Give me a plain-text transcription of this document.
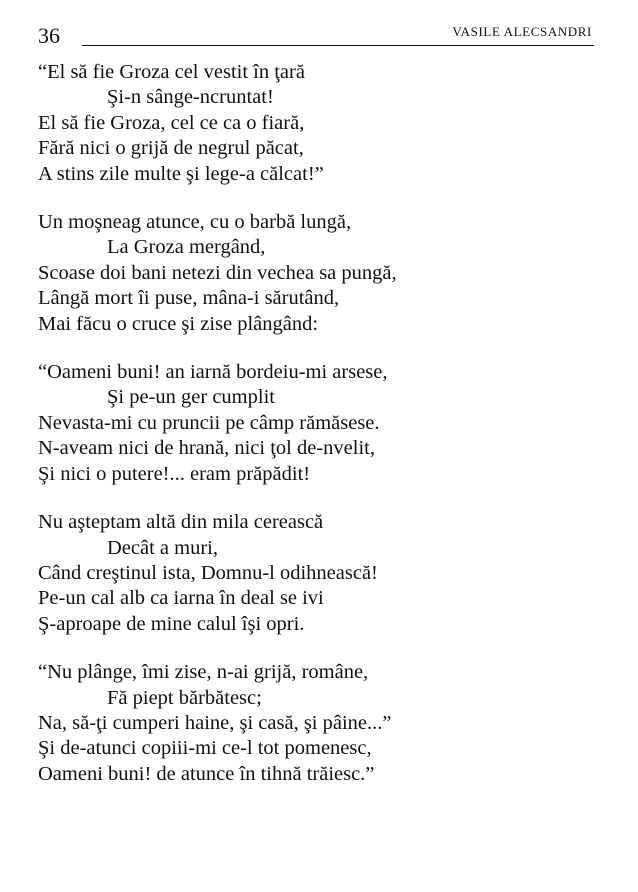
36	VASILE ALECSANDRI
“El să fie Groza cel vestit în ţară
Şi-n sânge-ncruntat!
El să fie Groza, cel ce ca o fiară,
Fără nici o grijă de negrul păcat,
A stins zile multe şi lege-a călcat!”
Un moşneag atunce, cu o barbă lungă,
La Groza mergând,
Scoase doi bani netezi din vechea sa pungă,
Lângă mort îi puse, mâna-i sărutând,
Mai făcu o cruce şi zise plângând:
“Oameni buni! an iarnă bordeiu-mi arsese,
Şi pe-un ger cumplit
Nevasta-mi cu pruncii pe câmp rămăsese.
N-aveam nici de hrană, nici ţol de-nvelit,
Şi nici o putere!... eram prăpădit!
Nu aşteptam altă din mila cerească
Decât a muri,
Când creştinul ista, Domnu-l odihnească!
Pe-un cal alb ca iarna în deal se ivi
Ş-aproape de mine calul îşi opri.
“Nu plânge, îmi zise, n-ai grijă, române,
Fă piept bărbătesc;
Na, să-ţi cumperi haine, şi casă, şi pâine...”
Şi de-atunci copiii-mi ce-l tot pomenesc,
Oameni buni! de atunce în tihnă trăiesc.”
